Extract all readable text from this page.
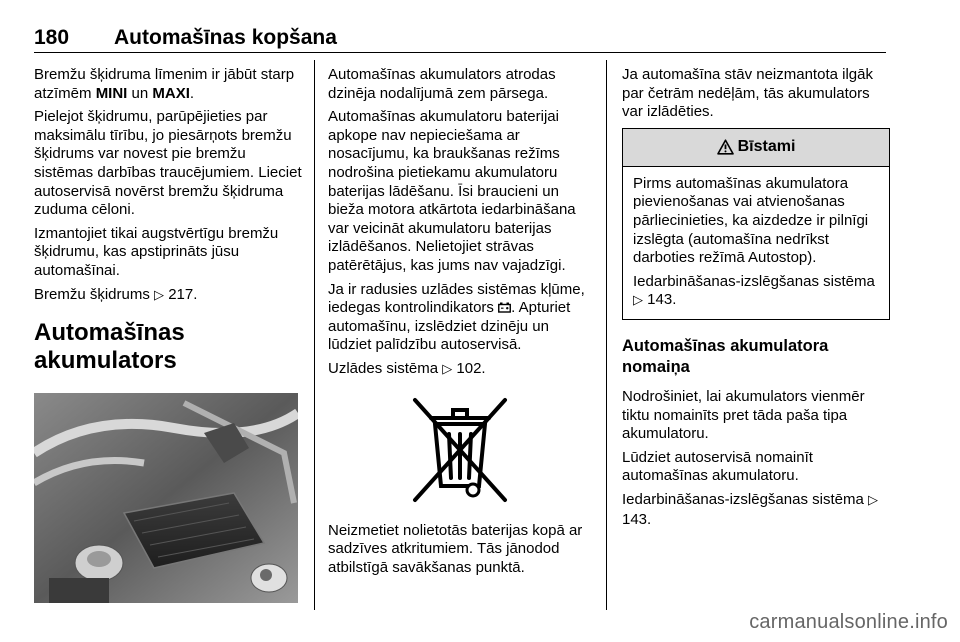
180 Automašīnas kopšana

Bremžu šķidruma līmenim ir jābūt starp atzīmēm MINI un MAXI.

Pielejot šķidrumu, parūpējieties par maksimālu tīrību, jo piesārņots bremžu šķidrums var novest pie bremžu sistēmas darbības traucējumiem. Lieciet autoservisā novērst bremžu šķidruma zuduma cēloni.

Izmantojiet tikai augstvērtīgu bremžu šķidrumu, kas apstiprināts jūsu automašīnai.

Bremžu šķidrums ▷ 217.

Automašīnas akumulators

Automašīnas akumulators atrodas dzinēja nodalījumā zem pārsega.

Automašīnas akumulatoru baterijai apkope nav nepieciešama ar nosacījumu, ka braukšanas režīms nodrošina pietiekamu akumulatoru baterijas lādēšanu. Īsi braucieni un bieža motora atkārtota iedarbināšana var veicināt akumulatoru baterijas izlādēšanos. Nelietojiet strāvas patērētājus, kas jums nav vajadzīgi.

Ja ir radusies uzlādes sistēmas kļūme, iedegas kontrolindikators . Apturiet automašīnu, izslēdziet dzinēju un lūdziet palīdzību autoservisā.

Uzlādes sistēma ▷ 102.

Neizmetiet nolietotās baterijas kopā ar sadzīves atkritumiem. Tās jānodod atbilstīgā savākšanas punktā.

Ja automašīna stāv neizmantota ilgāk par četrām nedēļām, tās akumulators var izlādēties.

Bīstami

Pirms automašīnas akumulatora pievienošanas vai atvienošanas pārliecinieties, ka aizdedze ir pilnīgi izslēgta (automašīna nedrīkst darboties režīmā Autostop).

Iedarbināšanas-izslēgšanas sistēma ▷ 143.

Automašīnas akumulatora nomaiņa

Nodrošiniet, lai akumulators vienmēr tiktu nomainīts pret tāda paša tipa akumulatoru.

Lūdziet autoservisā nomainīt automašīnas akumulatoru.

Iedarbināšanas-izslēgšanas sistēma ▷ 143.

carmanualsonline.info
